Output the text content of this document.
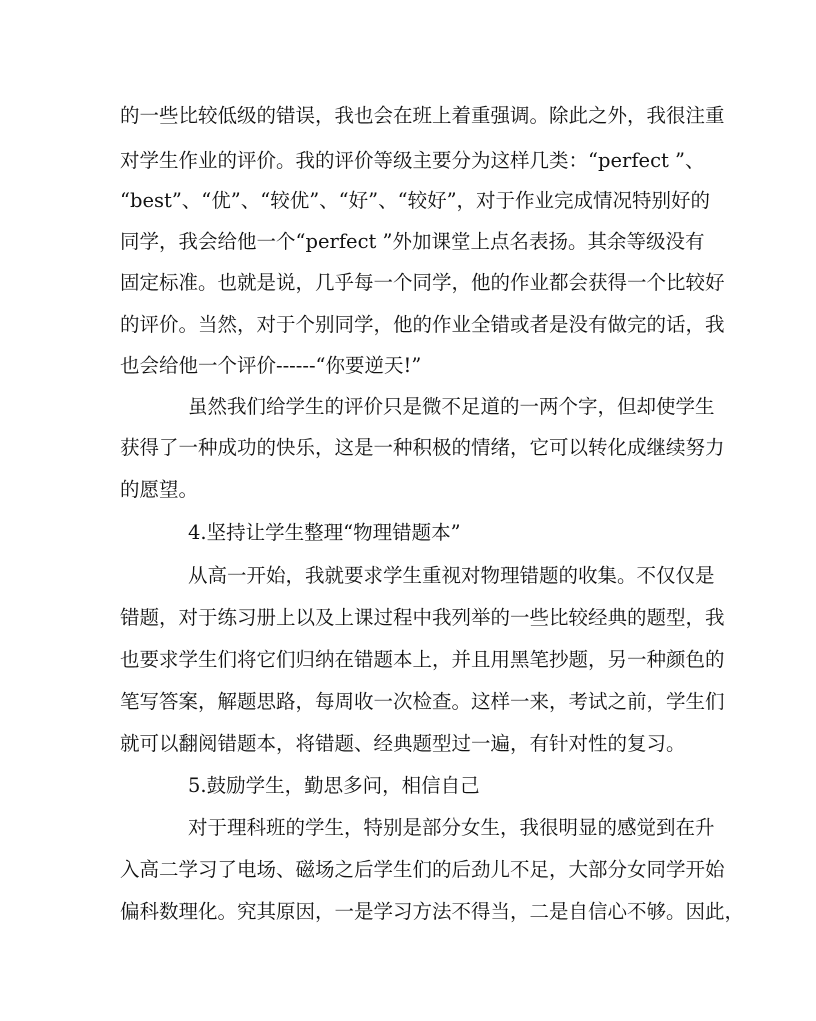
的一些比较低级的错误，我也会在班上着重强调。除此之外，我很注重
对学生作业的评价。我的评价等级主要分为这样几类：“perfect ”、
“best”、“优”、“较优”、“好”、“较好”，对于作业完成情况特别好的
同学，我会给他一个“perfect ”外加课堂上点名表扬。其余等级没有
固定标准。也就是说，几乎每一个同学，他的作业都会获得一个比较好
的评价。当然，对于个别同学，他的作业全错或者是没有做完的话，我
也会给他一个评价------“你要逆天!”
虽然我们给学生的评价只是微不足道的一两个字，但却使学生
获得了一种成功的快乐，这是一种积极的情绪，它可以转化成继续努力
的愿望。
4.坚持让学生整理“物理错题本”
从高一开始，我就要求学生重视对物理错题的收集。不仅仅是
错题，对于练习册上以及上课过程中我列举的一些比较经典的题型，我
也要求学生们将它们归纳在错题本上，并且用黑笔抄题，另一种颜色的
笔写答案，解题思路，每周收一次检查。这样一来，考试之前，学生们
就可以翻阅错题本，将错题、经典题型过一遍，有针对性的复习。
5.鼓励学生，勤思多问，相信自己
对于理科班的学生，特别是部分女生，我很明显的感觉到在升
入高二学习了电场、磁场之后学生们的后劲儿不足，大部分女同学开始
偏科数理化。究其原因，一是学习方法不得当，二是自信心不够。因此，
